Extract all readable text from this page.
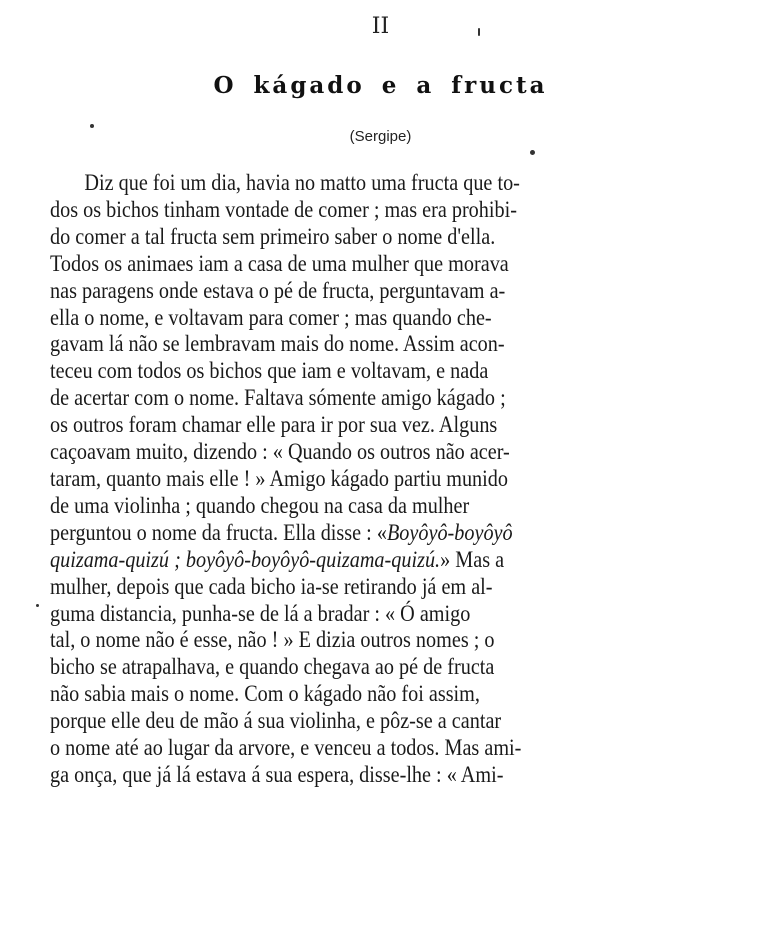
II
O kágado e a fructa
(Sergipe)
Diz que foi um dia, havia no matto uma fructa que to-
dos os bichos tinham vontade de comer ; mas era prohibi-
do comer a tal fructa sem primeiro saber o nome d'ella.
Todos os animaes iam a casa de uma mulher que morava
nas paragens onde estava o pé de fructa, perguntavam a-
ella o nome, e voltavam para comer ; mas quando che-
gavam lá não se lembravam mais do nome. Assim acon-
teceu com todos os bichos que iam e voltavam, e nada
de acertar com o nome. Faltava sómente amigo kágado ;
os outros foram chamar elle para ir por sua vez. Alguns
caçoavam muito, dizendo : « Quando os outros não acer-
taram, quanto mais elle ! » Amigo kágado partiu munido
de uma violinha ; quando chegou na casa da mulher
perguntou o nome da fructa. Ella disse : « Boyôyô-boyôyô
quizama-quizú ; boyôyô-boyôyô-quizama-quizú. » Mas a
mulher, depois que cada bicho ia-se retirando já em al-
guma distancia, punha-se de lá a bradar : « Ó amigo
tal, o nome não é esse, não ! » E dizia outros nomes ; o
bicho se atrapalhava, e quando chegava ao pé de fructa
não sabia mais o nome. Com o kágado não foi assim,
porque elle deu de mão á sua violinha, e pôz-se a cantar
o nome até ao lugar da arvore, e venceu a todos. Mas ami-
ga onça, que já lá estava á sua espera, disse-lhe : « Ami-
